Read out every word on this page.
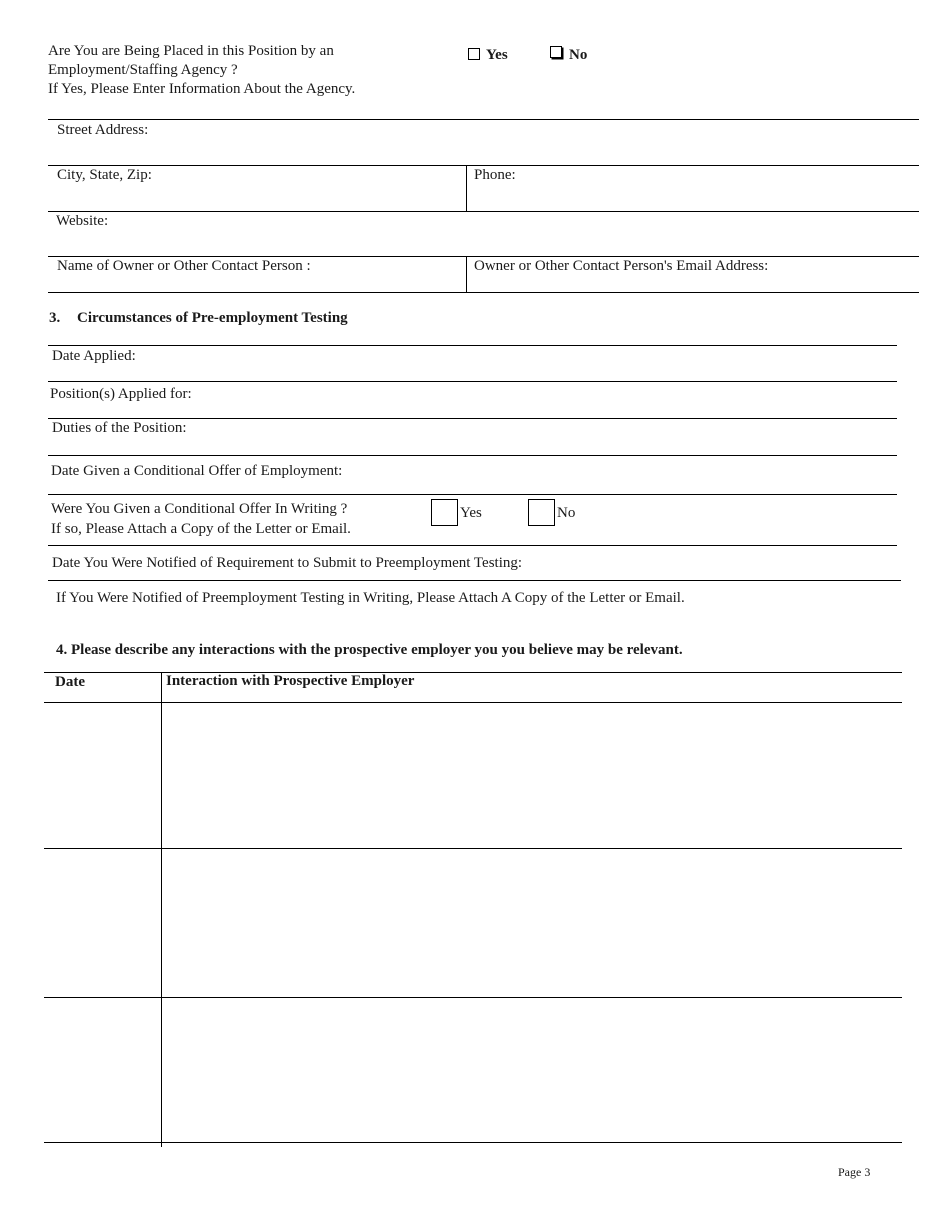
Are You are Being Placed in this Position by an
Employment/Staffing Agency ?
If Yes, Please Enter Information About the Agency.
Yes	No
Street Address:
City, State, Zip:	Phone:
Website:
Name of Owner or Other Contact Person :	Owner or Other Contact Person's Email Address:
3. Circumstances of Pre-employment Testing
Date Applied:
Position(s) Applied for:
Duties of the Position:
Date Given a Conditional Offer of Employment:
Were You Given a Conditional Offer In Writing ?
If so, Please Attach a Copy of the Letter or Email.
Yes	No
Date You Were Notified of Requirement to Submit to Preemployment Testing:
If You Were Notified of Preemployment Testing in Writing, Please Attach A Copy of the Letter or Email.
4. Please describe any interactions with the prospective employer you you believe may be relevant.
Date	Interaction with Prospective Employer
Page 3
